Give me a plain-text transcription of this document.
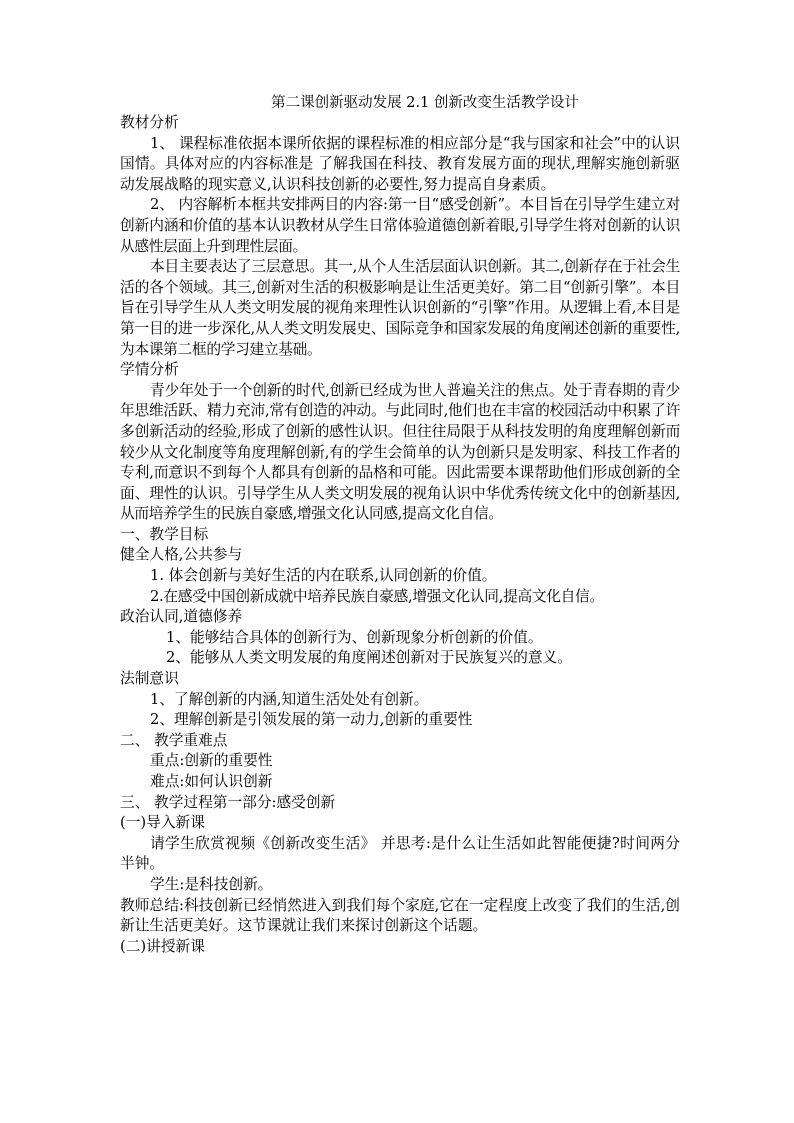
第二课创新驱动发展 2.1 创新改变生活教学设计
教材分析
1、 课程标准依据本课所依据的课程标准的相应部分是“我与国家和社会”中的认识国情。具体对应的内容标准是 了解我国在科技、教育发展方面的现状,理解实施创新驱动发展战略的现实意义,认识科技创新的必要性,努力提高自身素质。
2、 内容解析本框共安排两目的内容:第一目“感受创新”。本目旨在引导学生建立对创新内涵和价值的基本认识教材从学生日常体验道德创新着眼,引导学生将对创新的认识从感性层面上升到理性层面。
本目主要表达了三层意思。其一,从个人生活层面认识创新。其二,创新存在于社会生活的各个领域。其三,创新对生活的积极影响是让生活更美好。第二目“创新引擎”。本目旨在引导学生从人类文明发展的视角来理性认识创新的“引擎”作用。从逻辑上看,本目是第一目的进一步深化,从人类文明发展史、国际竞争和国家发展的角度阐述创新的重要性,为本课第二框的学习建立基础。
学情分析
青少年处于一个创新的时代,创新已经成为世人普遍关注的焦点。处于青春期的青少年思维活跃、精力充沛,常有创造的冲动。与此同时,他们也在丰富的校园活动中积累了许多创新活动的经验,形成了创新的感性认识。但往往局限于从科技发明的角度理解创新而较少从文化制度等角度理解创新,有的学生会简单的认为创新只是发明家、科技工作者的专利,而意识不到每个人都具有创新的品格和可能。因此需要本课帮助他们形成创新的全面、理性的认识。引导学生从人类文明发展的视角认识中华优秀传统文化中的创新基因,从而培养学生的民族自豪感,增强文化认同感,提高文化自信。
一、教学目标
健全人格,公共参与
1. 体会创新与美好生活的内在联系,认同创新的价值。
2.在感受中国创新成就中培养民族自豪感,增强文化认同,提高文化自信。
政治认同,道德修养
1、能够结合具体的创新行为、创新现象分析创新的价值。
2、能够从人类文明发展的角度阐述创新对于民族复兴的意义。
法制意识
1、了解创新的内涵,知道生活处处有创新。
2、理解创新是引领发展的第一动力,创新的重要性
二、 教学重难点
重点:创新的重要性
难点:如何认识创新
三、 教学过程第一部分:感受创新
(一)导入新课
请学生欣赏视频《创新改变生活》 并思考:是什么让生活如此智能便捷?时间两分半钟。
学生:是科技创新。
教师总结:科技创新已经悄然进入到我们每个家庭,它在一定程度上改变了我们的生活,创新让生活更美好。这节课就让我们来探讨创新这个话题。
(二)讲授新课
